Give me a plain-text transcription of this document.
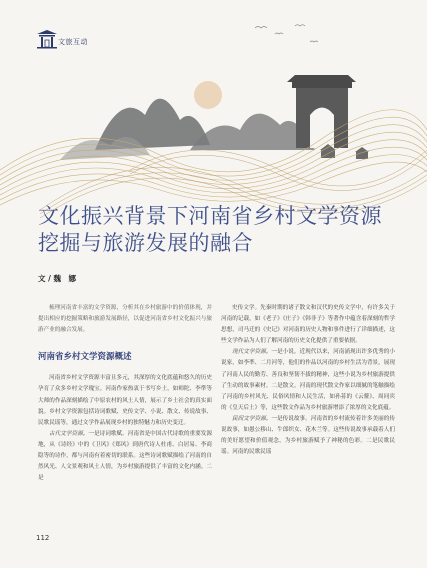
文旅互动
文化振兴背景下河南省乡村文学资源
挖掘与旅游发展的融合
文 / 魏　娜

梳理河南省丰富的文学资源，分析其在乡村旅游中的价值体现，并提出相应的挖掘策略和旅游发展路径，以促进河南省乡村文化振兴与旅游产业的融合发展。

河南省乡村文学资源概述

河南省乡村文学资源丰富且多元，其深厚的文化底蕴和悠久的历史孕育了众多乡村文学瑰宝。河南作家热衷于书写乡土，如师陀、李準等大师的作品深刻描绘了中原农村的风土人情，展示了乡土社会的真实面貌。乡村文学资源包括诗词歌赋、史传文学、小说、散文、传说故事、民歌民谣等，通过文学作品展现乡村的独特魅力和历史变迁。

古代文学资源。一是诗词歌赋。河南省是中国古代诗歌的重要发源地，从《诗经》中的《卫风》《郑风》到唐代诗人杜甫、白居易、李商隐等的诗作，都与河南有着密切的联系。这些诗词歌赋描绘了河南的自然风光、人文景观和风土人情，为乡村旅游提供了丰富的文化内涵。二是

史传文学。先秦时期的诸子散文和汉代的史传文学中，有许多关于河南的记载，如《老子》《庄子》《韩非子》等著作中蕴含着深刻的哲学思想，司马迁的《史记》对河南的历史人物和事件进行了详细描述，这些文学作品为人们了解河南的历史文化提供了重要依据。

现代文学资源。一是小说。近现代以来，河南涌现出许多优秀的小说家，如李凖、二月河等，他们的作品以河南的乡村生活为背景，展现了河南人民的勤劳、善良和坚韧不拔的精神，这些小说为乡村旅游提供了生动的故事素材。二是散文。河南的现代散文作家以细腻的笔触描绘了河南的乡村风光、民俗风情和人民生活，如孙荪的《云鳌》、周同宾的《皇天后土》等，这些散文作品为乡村旅游增添了浓厚的文化底蕴。

民间文学资源。一是传说故事。河南省的乡村流传着许多美丽的传说故事，如愚公移山、牛郎织女、花木兰等。这些传说故事承载着人们的美好愿望和价值观念，为乡村旅游赋予了神秘的色彩。二是民歌民谣。河南的民歌民谣

112
